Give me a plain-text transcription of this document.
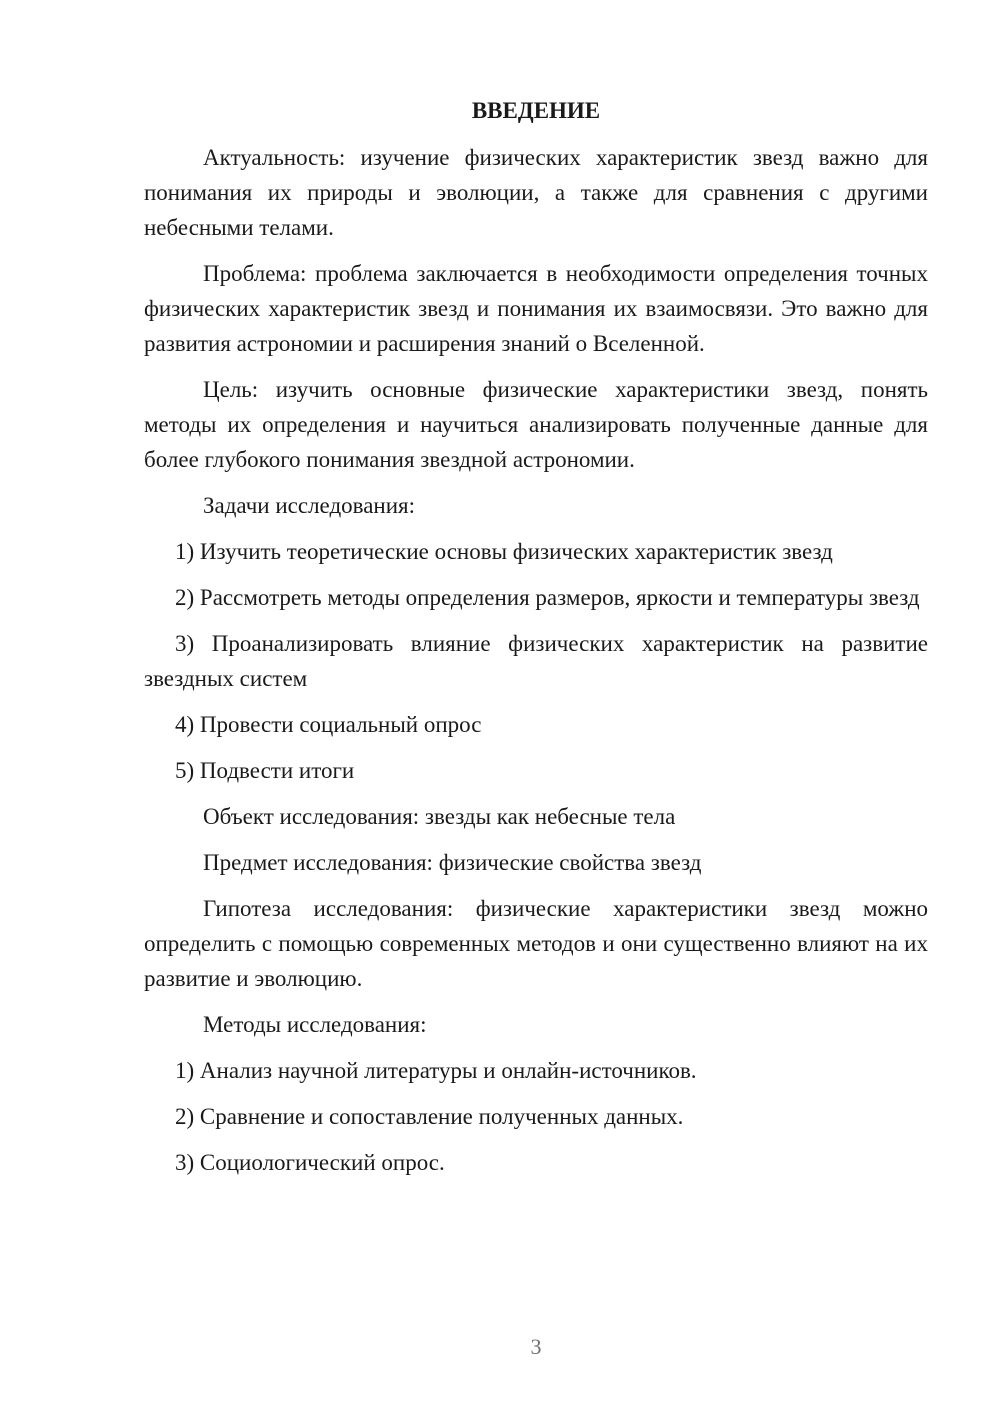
ВВЕДЕНИЕ

Актуальность: изучение физических характеристик звезд важно для понимания их природы и эволюции, а также для сравнения с другими небесными телами.

Проблема: проблема заключается в необходимости определения точных физических характеристик звезд и понимания их взаимосвязи. Это важно для развития астрономии и расширения знаний о Вселенной.

Цель: изучить основные физические характеристики звезд, понять методы их определения и научиться анализировать полученные данные для более глубокого понимания звездной астрономии.

Задачи исследования:

1) Изучить теоретические основы физических характеристик звезд

2) Рассмотреть методы определения размеров, яркости и температуры звезд

3) Проанализировать влияние физических характеристик на развитие звездных систем

4) Провести социальный опрос

5) Подвести итоги

Объект исследования: звезды как небесные тела

Предмет исследования: физические свойства звезд

Гипотеза исследования: физические характеристики звезд можно определить с помощью современных методов и они существенно влияют на их развитие и эволюцию.

Методы исследования:

1) Анализ научной литературы и онлайн-источников.

2) Сравнение и сопоставление полученных данных.

3) Социологический опрос.

3
